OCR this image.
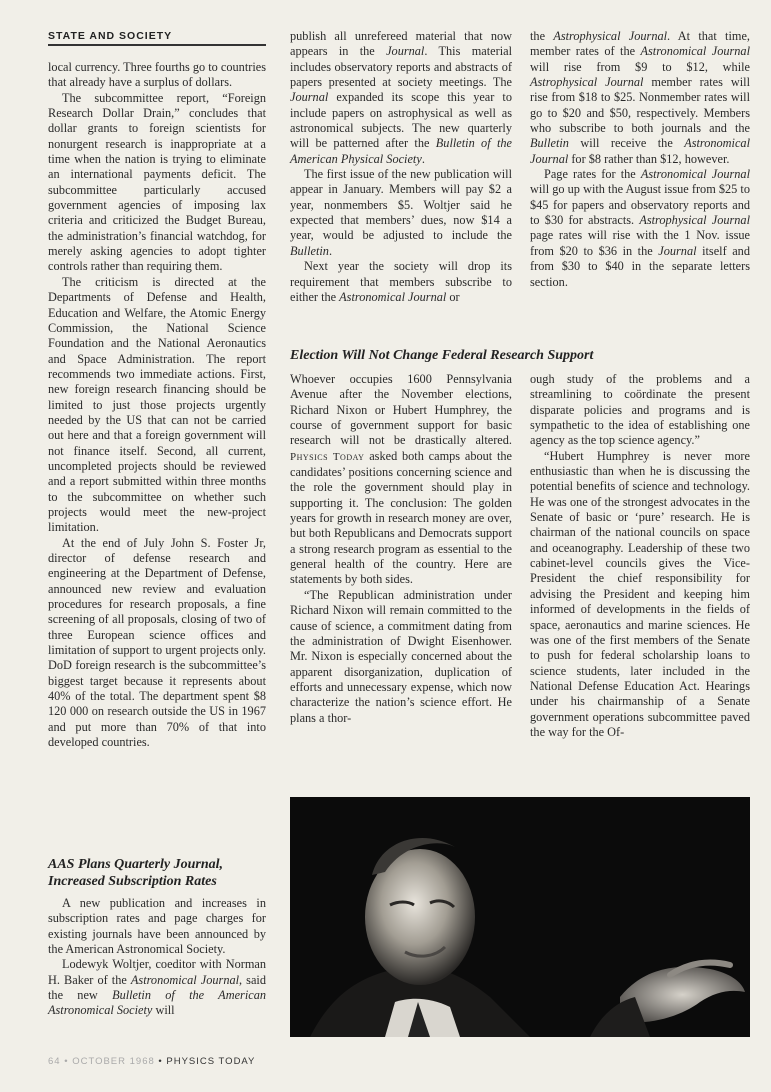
STATE AND SOCIETY

local currency. Three fourths go to countries that already have a surplus of dollars.

The subcommittee report, “Foreign Research Dollar Drain,” concludes that dollar grants to foreign scientists for nonurgent research is inappropriate at a time when the nation is trying to eliminate an international payments deficit. The subcommittee particularly accused government agencies of imposing lax criteria and criticized the Budget Bureau, the administration’s financial watchdog, for merely asking agencies to adopt tighter controls rather than requiring them.

The criticism is directed at the Departments of Defense and Health, Education and Welfare, the Atomic Energy Commission, the National Science Foundation and the National Aeronautics and Space Administration. The report recommends two immediate actions. First, new foreign research financing should be limited to just those projects urgently needed by the US that can not be carried out here and that a foreign government will not finance itself. Second, all current, uncompleted projects should be reviewed and a report submitted within three months to the subcommittee on whether such projects would meet the new-project limitation.

At the end of July John S. Foster Jr, director of defense research and engineering at the Department of Defense, announced new review and evaluation procedures for research proposals, a fine screening of all proposals, closing of two of three European science offices and limitation of support to urgent projects only. DoD foreign research is the subcommittee’s biggest target because it represents about 40% of the total. The department spent $8 120 000 on research outside the US in 1967 and put more than 70% of that into developed countries.

AAS Plans Quarterly Journal, Increased Subscription Rates

A new publication and increases in subscription rates and page charges for existing journals have been announced by the American Astronomical Society.

Lodewyk Woltjer, coeditor with Norman H. Baker of the Astronomical Journal, said the new Bulletin of the American Astronomical Society will

publish all unrefereed material that now appears in the Journal. This material includes observatory reports and abstracts of papers presented at society meetings. The Journal expanded its scope this year to include papers on astrophysical as well as astronomical subjects. The new quarterly will be patterned after the Bulletin of the American Physical Society.

The first issue of the new publication will appear in January. Members will pay $2 a year, nonmembers $5. Woltjer said he expected that members’ dues, now $14 a year, would be adjusted to include the Bulletin.

Next year the society will drop its requirement that members subscribe to either the Astronomical Journal or

the Astrophysical Journal. At that time, member rates of the Astronomical Journal will rise from $9 to $12, while Astrophysical Journal member rates will rise from $18 to $25. Nonmember rates will go to $20 and $50, respectively. Members who subscribe to both journals and the Bulletin will receive the Astronomical Journal for $8 rather than $12, however.

Page rates for the Astronomical Journal will go up with the August issue from $25 to $45 for papers and observatory reports and to $30 for abstracts. Astrophysical Journal page rates will rise with the 1 Nov. issue from $20 to $36 in the Journal itself and from $30 to $40 in the separate letters section.

Election Will Not Change Federal Research Support

Whoever occupies 1600 Pennsylvania Avenue after the November elections, Richard Nixon or Hubert Humphrey, the course of government support for basic research will not be drastically altered. Physics Today asked both camps about the candidates’ positions concerning science and the role the government should play in supporting it. The conclusion: The golden years for growth in research money are over, but both Republicans and Democrats support a strong research program as essential to the general health of the country. Here are statements by both sides.

“The Republican administration under Richard Nixon will remain committed to the cause of science, a commitment dating from the administration of Dwight Eisenhower. Mr. Nixon is especially concerned about the apparent disorganization, duplication of efforts and unnecessary expense, which now characterize the nation’s science effort. He plans a thor-

ough study of the problems and a streamlining to coördinate the present disparate policies and programs and is sympathetic to the idea of establishing one agency as the top science agency.”

“Hubert Humphrey is never more enthusiastic than when he is discussing the potential benefits of science and technology. He was one of the strongest advocates in the Senate of basic or ‘pure’ research. He is chairman of the national councils on space and oceanography. Leadership of these two cabinet-level councils gives the Vice-President the chief responsibility for advising the President and keeping him informed of developments in the fields of space, aeronautics and marine sciences. He was one of the first members of the Senate to push for federal scholarship loans to science students, later included in the National Defense Education Act. Hearings under his chairmanship of a Senate government operations subcommittee paved the way for the Of-

64 • OCTOBER 1968 • PHYSICS TODAY
